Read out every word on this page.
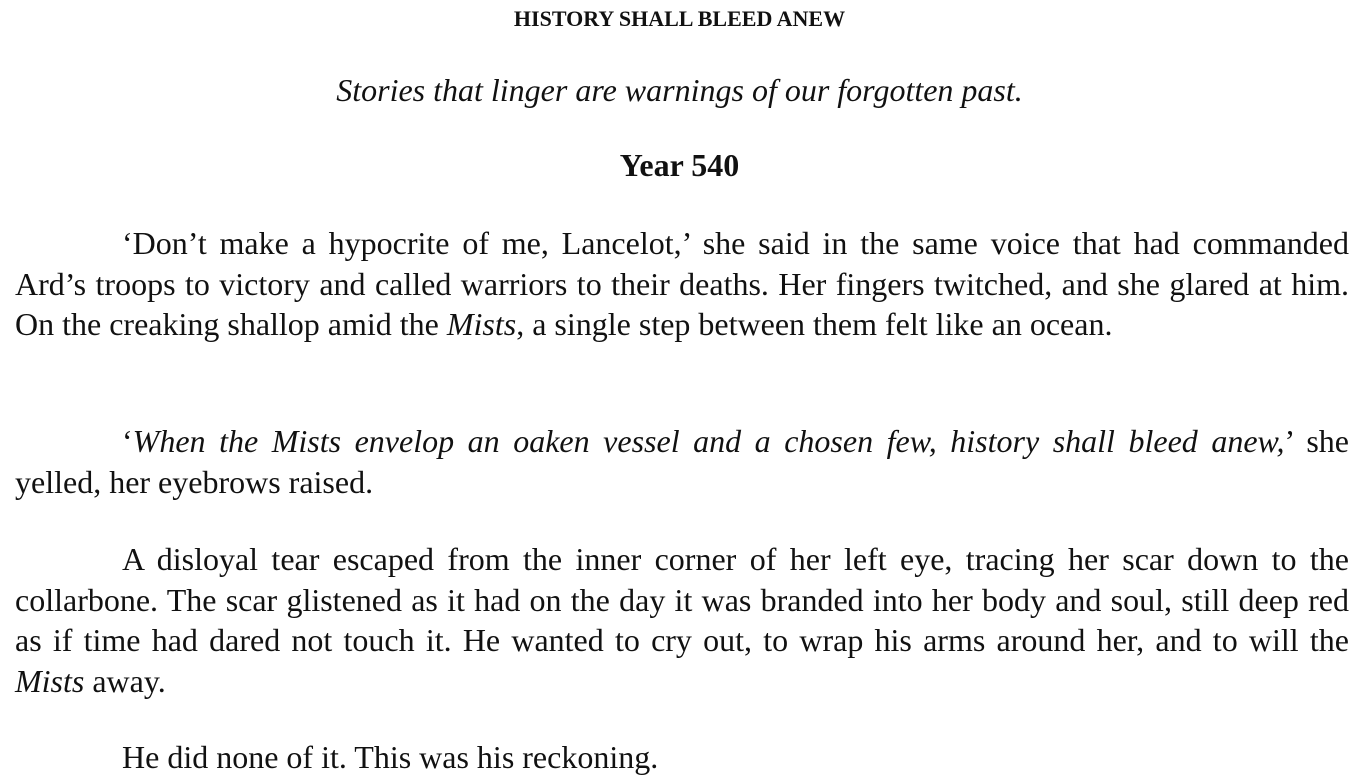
HISTORY SHALL BLEED ANEW

Stories that linger are warnings of our forgotten past.

Year 540

‘Don’t make a hypocrite of me, Lancelot,’ she said in the same voice that had commanded Ard’s troops to victory and called warriors to their deaths. Her fingers twitched, and she glared at him. On the creaking shallop amid the Mists, a single step between them felt like an ocean.

‘When the Mists envelop an oaken vessel and a chosen few, history shall bleed anew,’ she yelled, her eyebrows raised.

A disloyal tear escaped from the inner corner of her left eye, tracing her scar down to the collarbone. The scar glistened as it had on the day it was branded into her body and soul, still deep red as if time had dared not touch it. He wanted to cry out, to wrap his arms around her, and to will the Mists away.

He did none of it. This was his reckoning.
